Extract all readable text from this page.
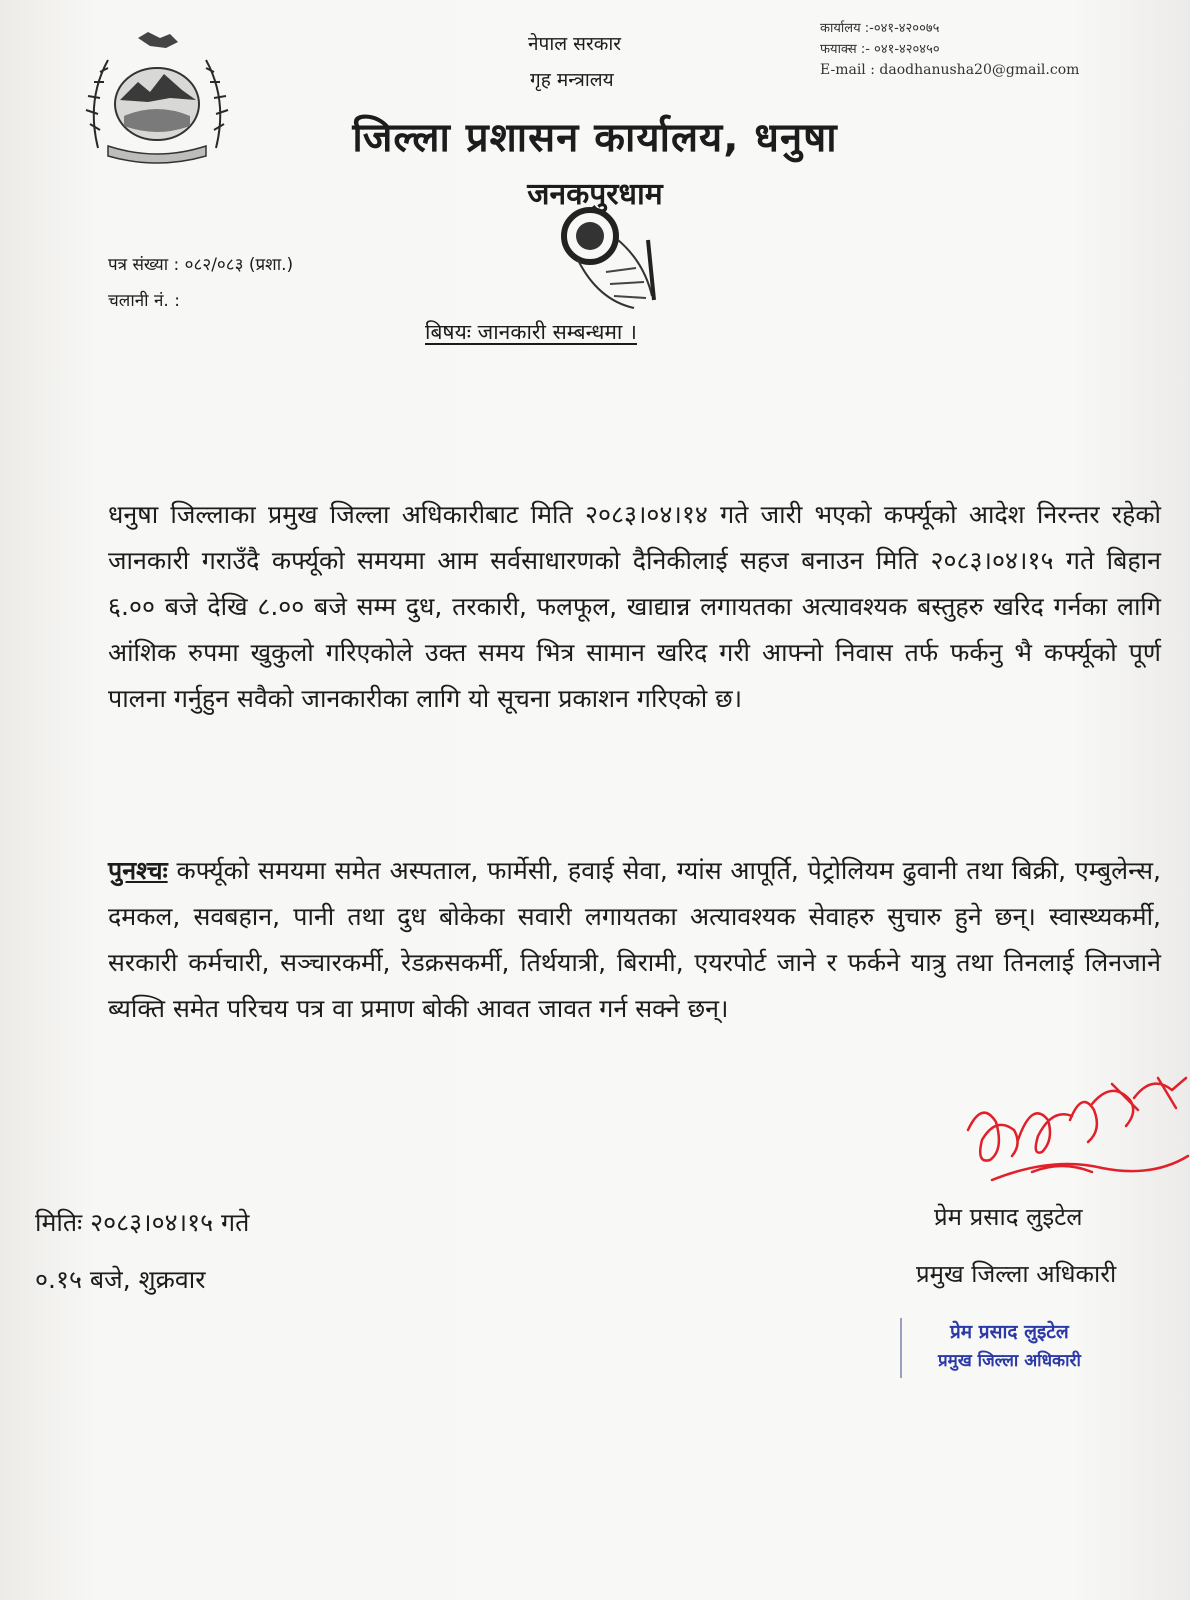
नेपाल सरकार
गृह मन्त्रालय
कार्यालय :-०४१-४२००७५
फयाक्स :- ०४१-४२०४५०
E-mail : daodhanusha20@gmail.com
जिल्ला प्रशासन कार्यालय, धनुषा
जनकपुरधाम
पत्र संख्या : ०८२/०८३ (प्रशा.)
चलानी नं. :
बिषयः जानकारी सम्बन्धमा ।

धनुषा जिल्लाका प्रमुख जिल्ला अधिकारीबाट मिति २०८३।०४।१४ गते जारी भएको कर्फ्यूको आदेश निरन्तर रहेको जानकारी गराउँदै कर्फ्यूको समयमा आम सर्वसाधारणको दैनिकीलाई सहज बनाउन मिति २०८३।०४।१५ गते बिहान ६.०० बजे देखि ८.०० बजे सम्म दुध, तरकारी, फलफूल, खाद्यान्न लगायतका अत्यावश्यक बस्तुहरु खरिद गर्नका लागि आंशिक रुपमा खुकुलो गरिएकोले उक्त समय भित्र सामान खरिद गरी आफ्नो निवास तर्फ फर्कनु भै कर्फ्यूको पूर्ण पालना गर्नुहुन सवैको जानकारीका लागि यो सूचना प्रकाशन गरिएको छ।

पुनश्चः कर्फ्यूको समयमा समेत अस्पताल, फार्मेसी, हवाई सेवा, ग्यांस आपूर्ति, पेट्रोलियम ढुवानी तथा बिक्री, एम्बुलेन्स, दमकल, सवबहान, पानी तथा दुध बोकेका सवारी लगायतका अत्यावश्यक सेवाहरु सुचारु हुने छन्। स्वास्थ्यकर्मी, सरकारी कर्मचारी, सञ्चारकर्मी, रेडक्रसकर्मी, तिर्थयात्री, बिरामी, एयरपोर्ट जाने र फर्कने यात्रु तथा तिनलाई लिनजाने ब्यक्ति समेत परिचय पत्र वा प्रमाण बोकी आवत जावत गर्न सक्ने छन्।

मितिः २०८३।०४।१५ गते
०.१५ बजे, शुक्रवार
प्रेम प्रसाद लुइटेल
प्रमुख जिल्ला अधिकारी
प्रेम प्रसाद लुइटेल
प्रमुख जिल्ला अधिकारी
